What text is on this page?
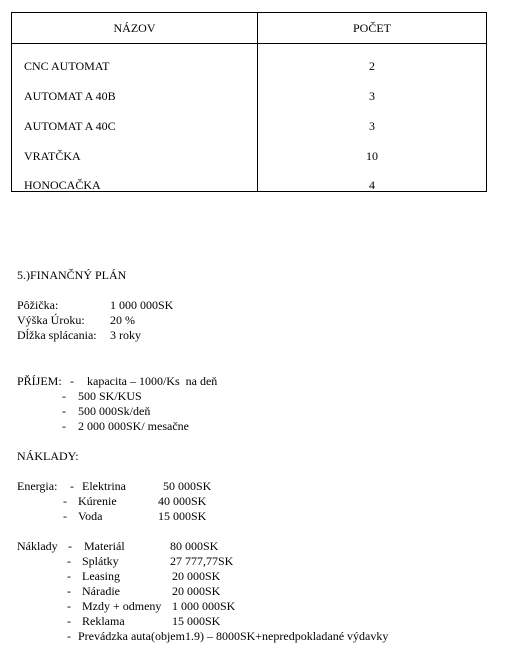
NÁZOV	POČET
CNC AUTOMAT	2
AUTOMAT A 40B	3
AUTOMAT A 40C	3
VRATČKA	10
HONOCAČKA	4
5.)FINANČNÝ PLÁN
Pôžička:	1 000 000SK
Výška Úroku: 20 %
Dĺžka splácania: 3 roky
PŘÍJEM: - kapacita – 1000/Ks  na deň
- 500 SK/KUS
- 500 000Sk/deň
- 2 000 000SK/ mesačne
NÁKLADY:
Energia: - Elektrina	50 000SK
- Kúrenie	40 000SK
- Voda	15 000SK
Náklady - Materiál	80 000SK
- Splátky	27 777,77SK
- Leasing	20 000SK
- Náradie	20 000SK
- Mzdy + odmeny 1 000 000SK
- Reklama	15 000SK
- Prevádzka auta(objem1.9) – 8000SK+nepredpokladané výdavky
